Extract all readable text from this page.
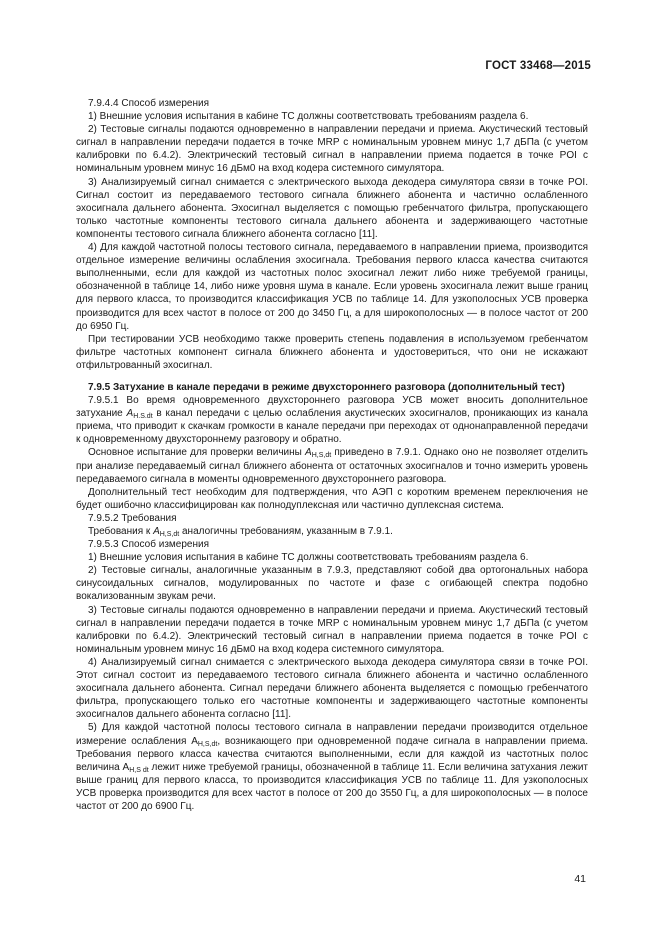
ГОСТ 33468—2015

7.9.4.4 Способ измерения

1) Внешние условия испытания в кабине ТС должны соответствовать требованиям раздела 6.

2) Тестовые сигналы подаются одновременно в направлении передачи и приема. Акустический тестовый сигнал в направлении передачи подается в точке MRP с номинальным уровнем минус 1,7 дБПа (с учетом калибровки по 6.4.2). Электрический тестовый сигнал в направлении приема подается в точке POI с номинальным уровнем минус 16 дБм0 на вход кодера системного симулятора.

3) Анализируемый сигнал снимается с электрического выхода декодера симулятора связи в точке POI. Сигнал состоит из передаваемого тестового сигнала ближнего абонента и частично ослабленного эхосигнала дальнего абонента. Эхосигнал выделяется с помощью гребенчатого фильтра, пропускающего только частотные компоненты тестового сигнала дальнего абонента и задерживающего частотные компоненты тестового сигнала ближнего абонента согласно [11].

4) Для каждой частотной полосы тестового сигнала, передаваемого в направлении приема, производится отдельное измерение величины ослабления эхосигнала. Требования первого класса качества считаются выполненными, если для каждой из частотных полос эхосигнал лежит либо ниже требуемой границы, обозначенной в таблице 14, либо ниже уровня шума в канале. Если уровень эхосигнала лежит выше границ для первого класса, то производится классификация УСВ по таблице 14. Для узкополосных УСВ проверка производится для всех частот в полосе от 200 до 3450 Гц, а для широкополосных — в полосе частот от 200 до 6950 Гц.

При тестировании УСВ необходимо также проверить степень подавления в используемом гребенчатом фильтре частотных компонент сигнала ближнего абонента и удостовериться, что они не искажают отфильтрованный эхосигнал.

7.9.5 Затухание в канале передачи в режиме двухстороннего разговора (дополнительный тест)

7.9.5.1 Во время одновременного двухстороннего разговора УСВ может вносить дополнительное затухание $A_{H.S.dt}$ в канал передачи с целью ослабления акустических эхосигналов, проникающих из канала приема, что приводит к скачкам громкости в канале передачи при переходах от однонаправленной передачи к одновременному двухстороннему разговору и обратно.

Основное испытание для проверки величины $A_{H,S,dt}$ приведено в 7.9.1. Однако оно не позволяет отделить при анализе передаваемый сигнал ближнего абонента от остаточных эхосигналов и точно измерить уровень передаваемого сигнала в моменты одновременного двухстороннего разговора.

Дополнительный тест необходим для подтверждения, что АЭП с коротким временем переключения не будет ошибочно классифицирован как полнодуплексная или частично дуплексная система.

7.9.5.2 Требования

Требования к $A_{H,S,dt}$ аналогичны требованиям, указанным в 7.9.1.

7.9.5.3 Способ измерения

1) Внешние условия испытания в кабине ТС должны соответствовать требованиям раздела 6.

2) Тестовые сигналы, аналогичные указанным в 7.9.3, представляют собой два ортогональных набора синусоидальных сигналов, модулированных по частоте и фазе с огибающей спектра подобно вокализованным звукам речи.

3) Тестовые сигналы подаются одновременно в направлении передачи и приема. Акустический тестовый сигнал в направлении передачи подается в точке MRP с номинальным уровнем минус 1,7 дБПа (с учетом калибровки по 6.4.2). Электрический тестовый сигнал в направлении приема подается в точке POI с номинальным уровнем минус 16 дБм0 на вход кодера системного симулятора.

4) Анализируемый сигнал снимается с электрического выхода декодера симулятора связи в точке POI. Этот сигнал состоит из передаваемого тестового сигнала ближнего абонента и частично ослабленного эхосигнала дальнего абонента. Сигнал передачи ближнего абонента выделяется с помощью гребенчатого фильтра, пропускающего только его частотные компоненты и задерживающего частотные компоненты эхосигналов дальнего абонента согласно [11].

5) Для каждой частотной полосы тестового сигнала в направлении передачи производится отдельное измерение ослабления $A_{H,S,dt}$, возникающего при одновременной подаче сигнала в направлении приема. Требования первого класса качества считаются выполненными, если для каждой из частотных полос величина $A_{H,S dt}$ лежит ниже требуемой границы, обозначенной в таблице 11. Если величина затухания лежит выше границ для первого класса, то производится классификация УСВ по таблице 11. Для узкополосных УСВ проверка производится для всех частот в полосе от 200 до 3550 Гц, а для широкополосных — в полосе частот от 200 до 6900 Гц.

41
